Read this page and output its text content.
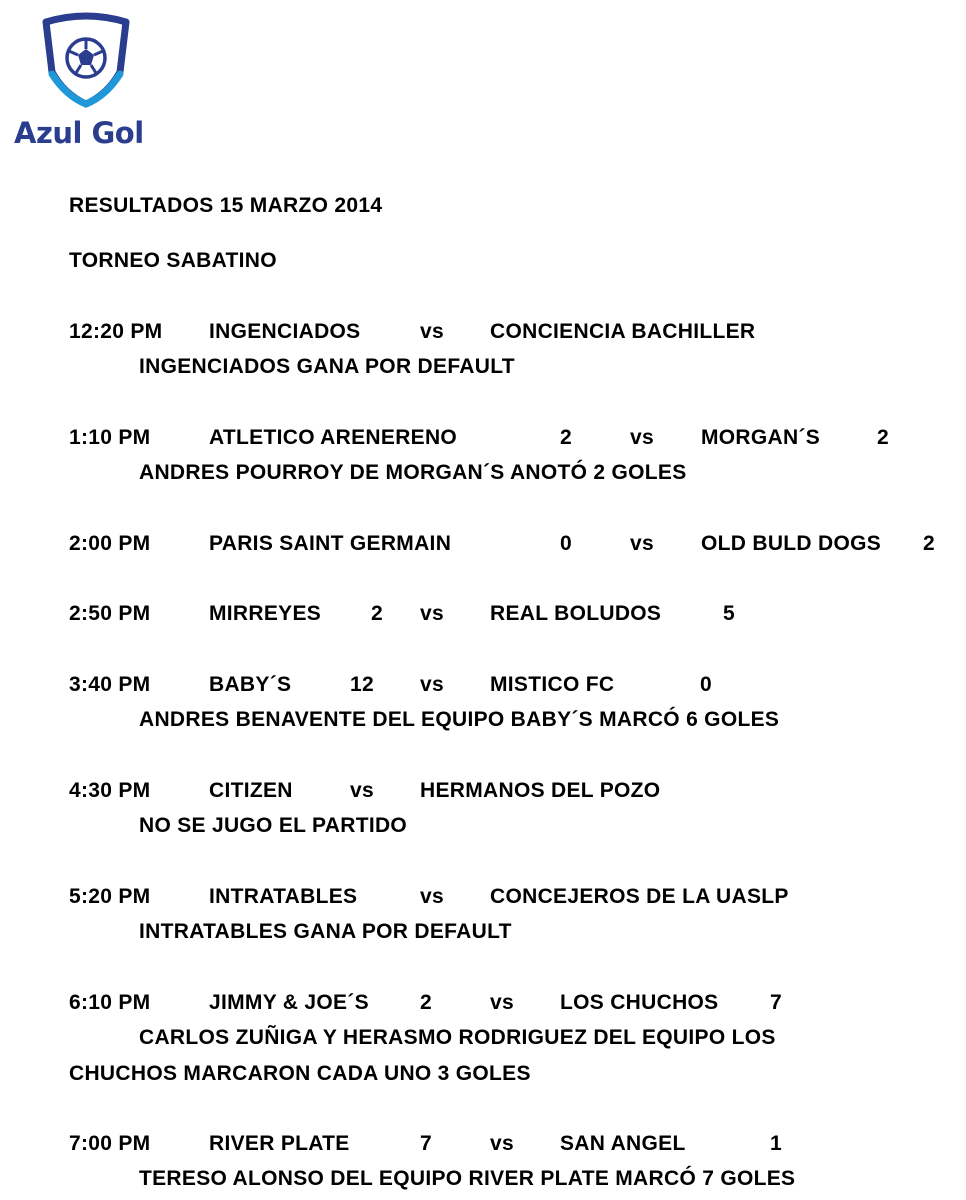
Azul Gol
RESULTADOS 15 MARZO 2014
TORNEO SABATINO
12:20 PM INGENCIADOS	vs CONCIENCIA BACHILLER
INGENCIADOS GANA POR DEFAULT
1:10 PM	ATLETICO ARENERENO	2	vs MORGAN´S	2
ANDRES POURROY DE MORGAN´S ANOTÓ 2 GOLES
2:00 PM	PARIS SAINT GERMAIN	0	vs OLD BULD DOGS 2
2:50 PM	MIRREYES 2 vs REAL BOLUDOS	5
3:40 PM	BABY´S	12 vs MISTICO FC	0
ANDRES BENAVENTE DEL EQUIPO BABY´S MARCÓ 6 GOLES
4:30 PM	CITIZEN	vs HERMANOS DEL POZO
NO SE JUGO EL PARTIDO
5:20 PM	INTRATABLES	vs CONCEJEROS DE LA UASLP
INTRATABLES GANA POR DEFAULT
6:10 PM	JIMMY & JOE´S 2	vs LOS CHUCHOS 7
CARLOS ZUÑIGA Y HERASMO RODRIGUEZ DEL EQUIPO LOS
CHUCHOS MARCARON CADA UNO 3 GOLES
7:00 PM	RIVER PLATE	7	vs SAN ANGEL	1
TERESO ALONSO DEL EQUIPO RIVER PLATE MARCÓ 7 GOLES
